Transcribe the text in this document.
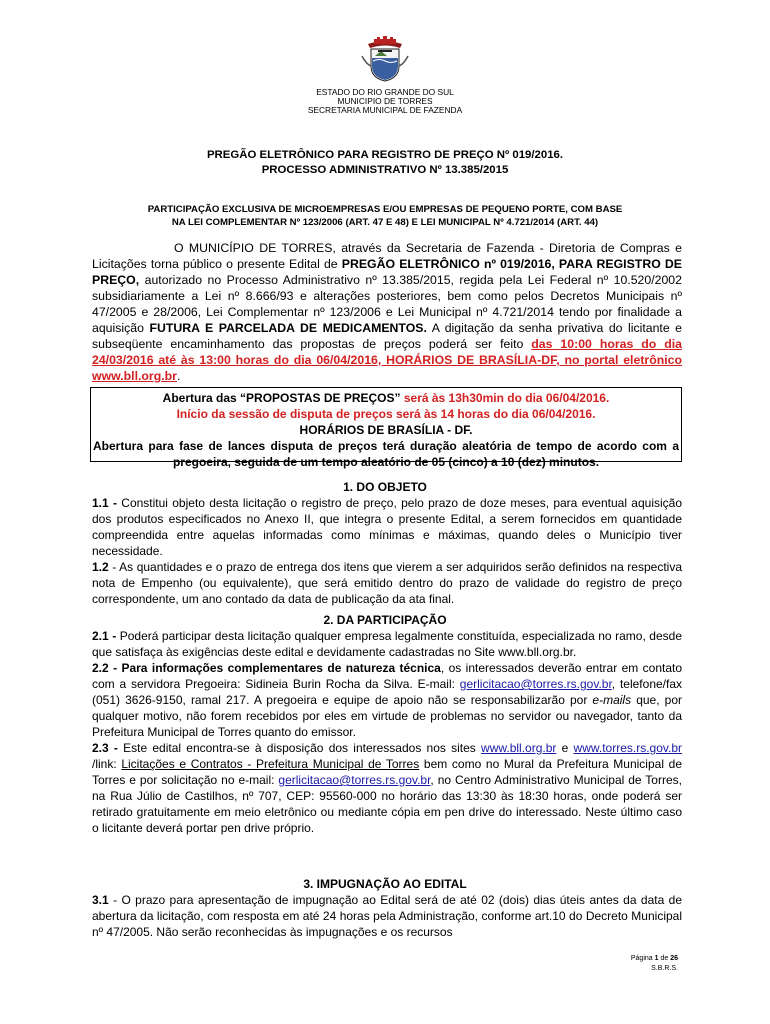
ESTADO DO RIO GRANDE DO SUL
MUNICIPIO DE TORRES
SECRETARIA MUNICIPAL DE FAZENDA
PREGÃO ELETRÔNICO PARA REGISTRO DE PREÇO Nº 019/2016.
PROCESSO ADMINISTRATIVO Nº 13.385/2015
PARTICIPAÇÃO EXCLUSIVA DE MICROEMPRESAS E/OU EMPRESAS DE PEQUENO PORTE, COM BASE
NA LEI COMPLEMENTAR Nº 123/2006 (ART. 47 E 48) E LEI MUNICIPAL Nº 4.721/2014 (ART. 44)

O MUNICÍPIO DE TORRES, através da Secretaria de Fazenda - Diretoria de Compras e Licitações torna público o presente Edital de PREGÃO ELETRÔNICO nº 019/2016, PARA REGISTRO DE PREÇO, autorizado no Processo Administrativo nº 13.385/2015, regida pela Lei Federal nº 10.520/2002 subsidiariamente a Lei nº 8.666/93 e alterações posteriores, bem como pelos Decretos Municipais nº 47/2005 e 28/2006, Lei Complementar nº 123/2006 e Lei Municipal nº 4.721/2014 tendo por finalidade a aquisição FUTURA E PARCELADA DE MEDICAMENTOS. A digitação da senha privativa do licitante e subseqüente encaminhamento das propostas de preços poderá ser feito das 10:00 horas do dia 24/03/2016 até às 13:00 horas do dia 06/04/2016, HORÁRIOS DE BRASÍLIA-DF, no portal eletrônico www.bll.org.br.

Abertura das “PROPOSTAS DE PREÇOS” será às 13h30min do dia 06/04/2016.
Início da sessão de disputa de preços será às 14 horas do dia 06/04/2016.
HORÁRIOS DE BRASÍLIA - DF.
Abertura para fase de lances disputa de preços terá duração aleatória de tempo de acordo com a pregoeira, seguida de um tempo aleatório de 05 (cinco) a 10 (dez) minutos.
1. DO OBJETO

1.1 - Constitui objeto desta licitação o registro de preço, pelo prazo de doze meses, para eventual aquisição dos produtos especificados no Anexo II, que integra o presente Edital, a serem fornecidos em quantidade compreendida entre aquelas informadas como mínimas e máximas, quando deles o Município tiver necessidade.

1.2 - As quantidades e o prazo de entrega dos itens que vierem a ser adquiridos serão definidos na respectiva nota de Empenho (ou equivalente), que será emitido dentro do prazo de validade do registro de preço correspondente, um ano contado da data de publicação da ata final.

2. DA PARTICIPAÇÃO

2.1 - Poderá participar desta licitação qualquer empresa legalmente constituída, especializada no ramo, desde que satisfaça às exigências deste edital e devidamente cadastradas no Site www.bll.org.br.

2.2 - Para informações complementares de natureza técnica, os interessados deverão entrar em contato com a servidora Pregoeira: Sidineia Burin Rocha da Silva. E-mail: gerlicitacao@torres.rs.gov.br, telefone/fax (051) 3626-9150, ramal 217. A pregoeira e equipe de apoio não se responsabilizarão por e-mails que, por qualquer motivo, não forem recebidos por eles em virtude de problemas no servidor ou navegador, tanto da Prefeitura Municipal de Torres quanto do emissor.

2.3 - Este edital encontra-se à disposição dos interessados nos sites www.bll.org.br e www.torres.rs.gov.br /link: Licitações e Contratos - Prefeitura Municipal de Torres bem como no Mural da Prefeitura Municipal de Torres e por solicitação no e-mail: gerlicitacao@torres.rs.gov.br, no Centro Administrativo Municipal de Torres, na Rua Júlio de Castilhos, nº 707, CEP: 95560-000 no horário das 13:30 às 18:30 horas, onde poderá ser retirado gratuitamente em meio eletrônico ou mediante cópia em pen drive do interessado. Neste último caso o licitante deverá portar pen drive próprio.

3. IMPUGNAÇÃO AO EDITAL

3.1 - O prazo para apresentação de impugnação ao Edital será de até 02 (dois) dias úteis antes da data de abertura da licitação, com resposta em até 24 horas pela Administração, conforme art.10 do Decreto Municipal nº 47/2005. Não serão reconhecidas às impugnações e os recursos

Página 1 de 26
S.B.R.S.
